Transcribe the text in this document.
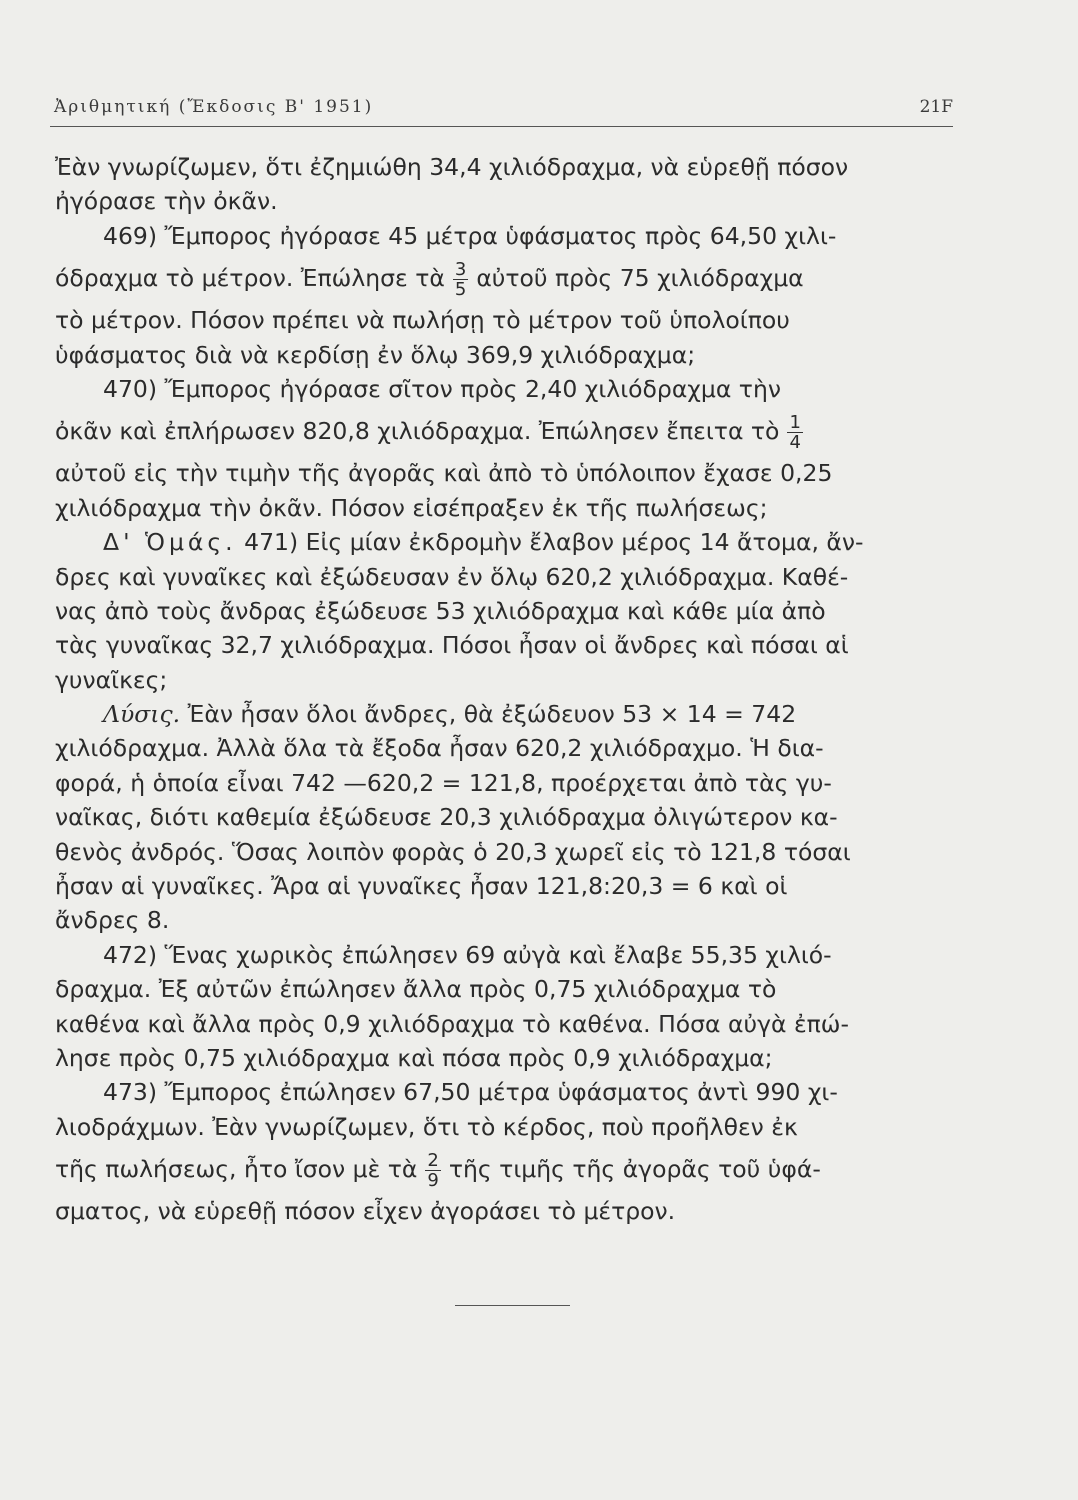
Ἀριθμητική (Ἔκδοσις Β' 1951)	21F
Ἐὰν γνωρίζωμεν, ὅτι ἐζημιώθη 34,4 χιλιόδραχμα, νὰ εὑρεθῇ πόσον
ἠγόρασε τὴν ὀκᾶν.
469) Ἔμπορος ἠγόρασε 45 μέτρα ὑφάσματος πρὸς 64,50 χιλι-
όδραχμα τὸ μέτρον. Ἐπώλησε τὰ $\frac{3}{5}$ αὐτοῦ πρὸς 75 χιλιόδραχμα
τὸ μέτρον. Πόσον πρέπει νὰ πωλήσῃ τὸ μέτρον τοῦ ὑπολοίπου
ὑφάσματος διὰ νὰ κερδίσῃ ἐν ὅλῳ 369,9 χιλιόδραχμα;
470) Ἔμπορος ἠγόρασε σῖτον πρὸς 2,40 χιλιόδραχμα τὴν
ὀκᾶν καὶ ἐπλήρωσεν 820,8 χιλιόδραχμα. Ἐπώλησεν ἔπειτα τὸ $\frac{1}{4}$
αὐτοῦ εἰς τὴν τιμὴν τῆς ἀγορᾶς καὶ ἀπὸ τὸ ὑπόλοιπον ἔχασε 0,25
χιλιόδραχμα τὴν ὀκᾶν. Πόσον εἰσέπραξεν ἐκ τῆς πωλήσεως;
Δ' Ὁμάς. 471) Εἰς μίαν ἐκδρομὴν ἔλαβον μέρος 14 ἄτομα, ἄν-
δρες καὶ γυναῖκες καὶ ἐξώδευσαν ἐν ὅλῳ 620,2 χιλιόδραχμα. Καθέ-
νας ἀπὸ τοὺς ἄνδρας ἐξώδευσε 53 χιλιόδραχμα καὶ κάθε μία ἀπὸ
τὰς γυναῖκας 32,7 χιλιόδραχμα. Πόσοι ἦσαν οἱ ἄνδρες καὶ πόσαι αἱ
γυναῖκες;
Λύσις. Ἐὰν ἦσαν ὅλοι ἄνδρες, θὰ ἐξώδευον 53 × 14 = 742
χιλιόδραχμα. Ἀλλὰ ὅλα τὰ ἔξοδα ἦσαν 620,2 χιλιόδραχμο. Ἡ δια-
φορά, ἡ ὁποία εἶναι 742 —620,2 = 121,8, προέρχεται ἀπὸ τὰς γυ-
ναῖκας, διότι καθεμία ἐξώδευσε 20,3 χιλιόδραχμα ὀλιγώτερον κα-
θενὸς ἀνδρός. Ὅσας λοιπὸν φορὰς ὁ 20,3 χωρεῖ εἰς τὸ 121,8 τόσαι
ἦσαν αἱ γυναῖκες. Ἄρα αἱ γυναῖκες ἦσαν 121,8:20,3 = 6 καὶ οἱ
ἄνδρες 8.
472) Ἕνας χωρικὸς ἐπώλησεν 69 αὐγὰ καὶ ἔλαβε 55,35 χιλιό-
δραχμα. Ἐξ αὐτῶν ἐπώλησεν ἄλλα πρὸς 0,75 χιλιόδραχμα τὸ
καθένα καὶ ἄλλα πρὸς 0,9 χιλιόδραχμα τὸ καθένα. Πόσα αὐγὰ ἐπώ-
λησε πρὸς 0,75 χιλιόδραχμα καὶ πόσα πρὸς 0,9 χιλιόδραχμα;
473) Ἔμπορος ἐπώλησεν 67,50 μέτρα ὑφάσματος ἀντὶ 990 χι-
λιοδράχμων. Ἐὰν γνωρίζωμεν, ὅτι τὸ κέρδος, ποὺ προῆλθεν ἐκ
τῆς πωλήσεως, ἦτο ἴσον μὲ τὰ $\frac{2}{9}$ τῆς τιμῆς τῆς ἀγορᾶς τοῦ ὑφά-
σματος, νὰ εὑρεθῇ πόσον εἶχεν ἀγοράσει τὸ μέτρον.
